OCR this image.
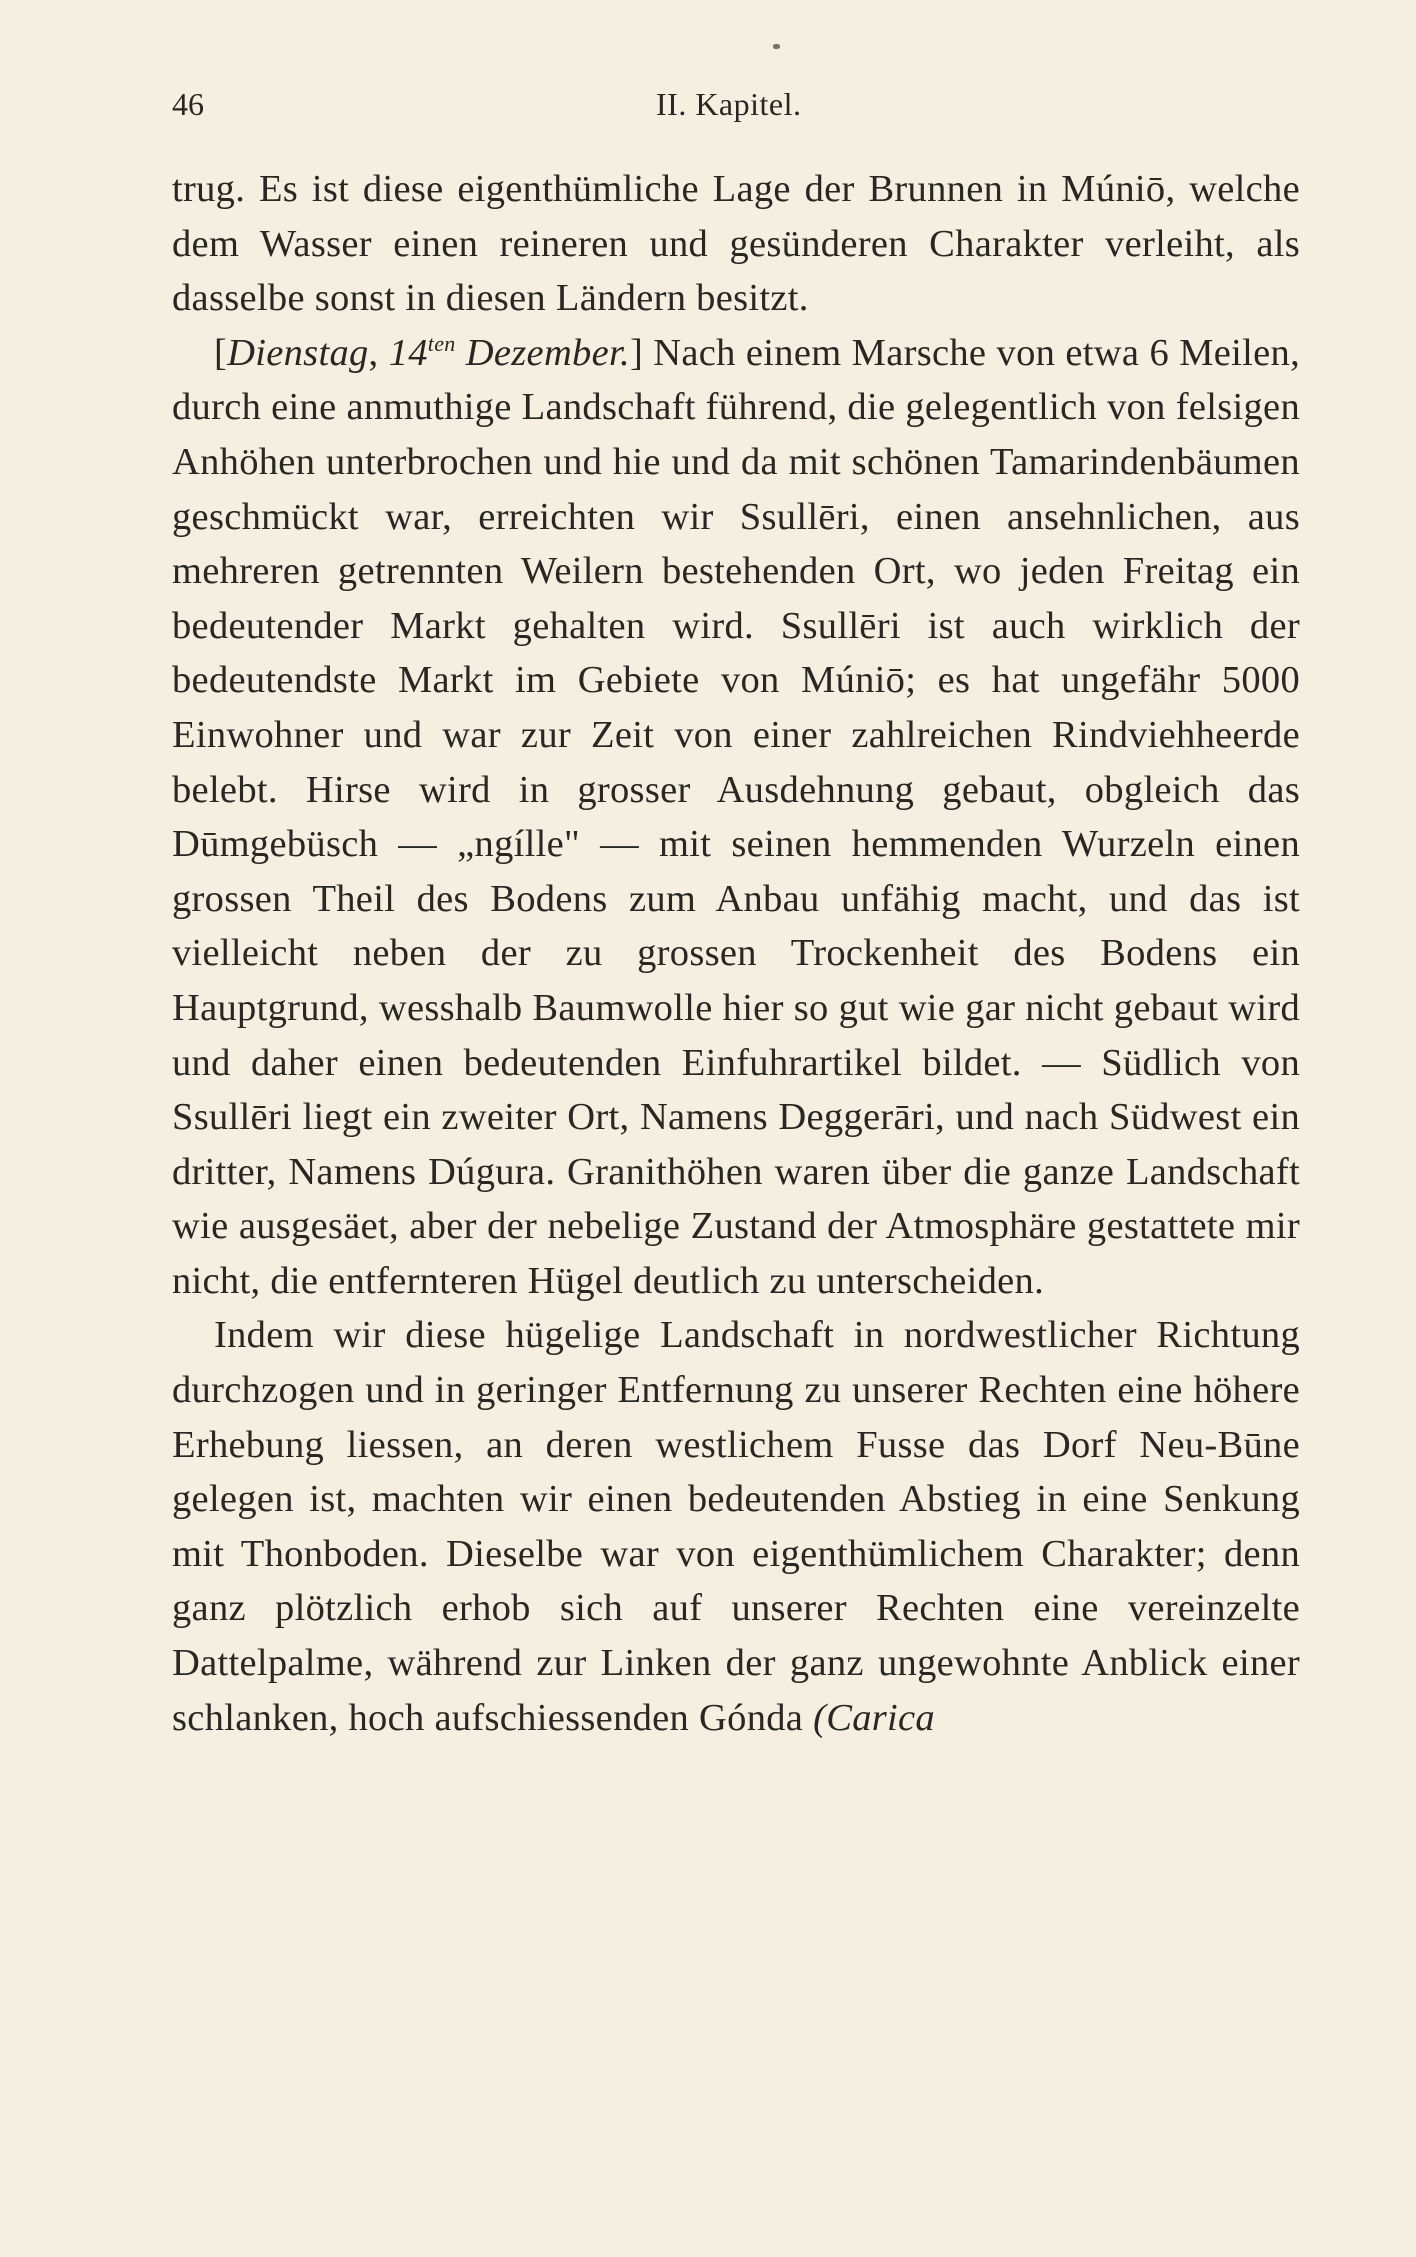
46	II. Kapitel.

trug. Es ist diese eigenthümliche Lage der Brunnen in Múniō, welche dem Wasser einen reineren und gesünderen Charakter verleiht, als dasselbe sonst in diesen Ländern besitzt.

[Dienstag, $14^{ten}$ Dezember.] Nach einem Marsche von etwa 6 Meilen, durch eine anmuthige Landschaft führend, die gelegentlich von felsigen Anhöhen unterbrochen und hie und da mit schönen Tamarindenbäumen geschmückt war, erreichten wir Ssullēri, einen ansehnlichen, aus mehreren getrennten Weilern bestehenden Ort, wo jeden Freitag ein bedeutender Markt gehalten wird. Ssullēri ist auch wirklich der bedeutendste Markt im Gebiete von Múniō; es hat ungefähr 5000 Einwohner und war zur Zeit von einer zahlreichen Rindviehheerde belebt. Hirse wird in grosser Ausdehnung gebaut, obgleich das Dūmgebüsch — „ngílle" — mit seinen hemmenden Wurzeln einen grossen Theil des Bodens zum Anbau unfähig macht, und das ist vielleicht neben der zu grossen Trockenheit des Bodens ein Hauptgrund, wesshalb Baumwolle hier so gut wie gar nicht gebaut wird und daher einen bedeutenden Einfuhrartikel bildet. — Südlich von Ssullēri liegt ein zweiter Ort, Namens Deggerāri, und nach Südwest ein dritter, Namens Dúgura. Granithöhen waren über die ganze Landschaft wie ausgesäet, aber der nebelige Zustand der Atmosphäre gestattete mir nicht, die entfernteren Hügel deutlich zu unterscheiden.

Indem wir diese hügelige Landschaft in nordwestlicher Richtung durchzogen und in geringer Entfernung zu unserer Rechten eine höhere Erhebung liessen, an deren westlichem Fusse das Dorf Neu-Būne gelegen ist, machten wir einen bedeutenden Abstieg in eine Senkung mit Thonboden. Dieselbe war von eigenthümlichem Charakter; denn ganz plötzlich erhob sich auf unserer Rechten eine vereinzelte Dattelpalme, während zur Linken der ganz ungewohnte Anblick einer schlanken, hoch aufschiessenden Gónda (Carica
